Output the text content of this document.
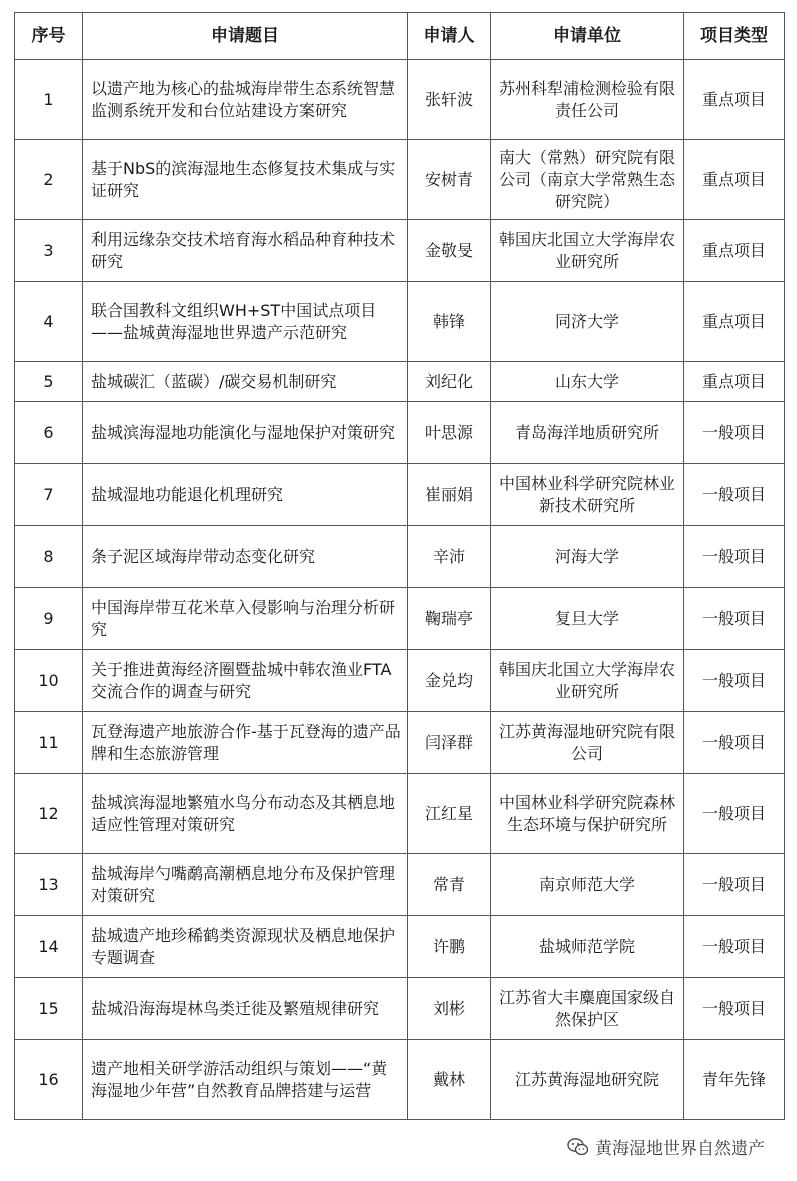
序号	申请题目	申请人	申请单位	项目类型
1	以遗产地为核心的盐城海岸带生态系统智慧监测系统开发和台位站建设方案研究	张轩波	苏州科犁浦检测检验有限责任公司	重点项目
2	基于NbS的滨海湿地生态修复技术集成与实证研究	安树青	南大（常熟）研究院有限公司（南京大学常熟生态研究院）	重点项目
3	利用远缘杂交技术培育海水稻品种育种技术研究	金敬旻	韩国庆北国立大学海岸农业研究所	重点项目
4	联合国教科文组织WH+ST中国试点项目——盐城黄海湿地世界遗产示范研究	韩锋	同济大学	重点项目
5	盐城碳汇（蓝碳）/碳交易机制研究	刘纪化	山东大学	重点项目
6	盐城滨海湿地功能演化与湿地保护对策研究	叶思源	青岛海洋地质研究所	一般项目
7	盐城湿地功能退化机理研究	崔丽娟	中国林业科学研究院林业新技术研究所	一般项目
8	条子泥区域海岸带动态变化研究	辛沛	河海大学	一般项目
9	中国海岸带互花米草入侵影响与治理分析研究	鞠瑞亭	复旦大学	一般项目
10	关于推进黄海经济圈暨盐城中韩农渔业FTA交流合作的调查与研究	金兑均	韩国庆北国立大学海岸农业研究所	一般项目
11	瓦登海遗产地旅游合作-基于瓦登海的遗产品牌和生态旅游管理	闫泽群	江苏黄海湿地研究院有限公司	一般项目
12	盐城滨海湿地繁殖水鸟分布动态及其栖息地适应性管理对策研究	江红星	中国林业科学研究院森林生态环境与保护研究所	一般项目
13	盐城海岸勺嘴鹬高潮栖息地分布及保护管理对策研究	常青	南京师范大学	一般项目
14	盐城遗产地珍稀鹤类资源现状及栖息地保护专题调查	许鹏	盐城师范学院	一般项目
15	盐城沿海海堤林鸟类迁徙及繁殖规律研究	刘彬	江苏省大丰麋鹿国家级自然保护区	一般项目
16	遗产地相关研学游活动组织与策划——“黄海湿地少年营”自然教育品牌搭建与运营	戴林	江苏黄海湿地研究院	青年先锋
黄海湿地世界自然遗产
